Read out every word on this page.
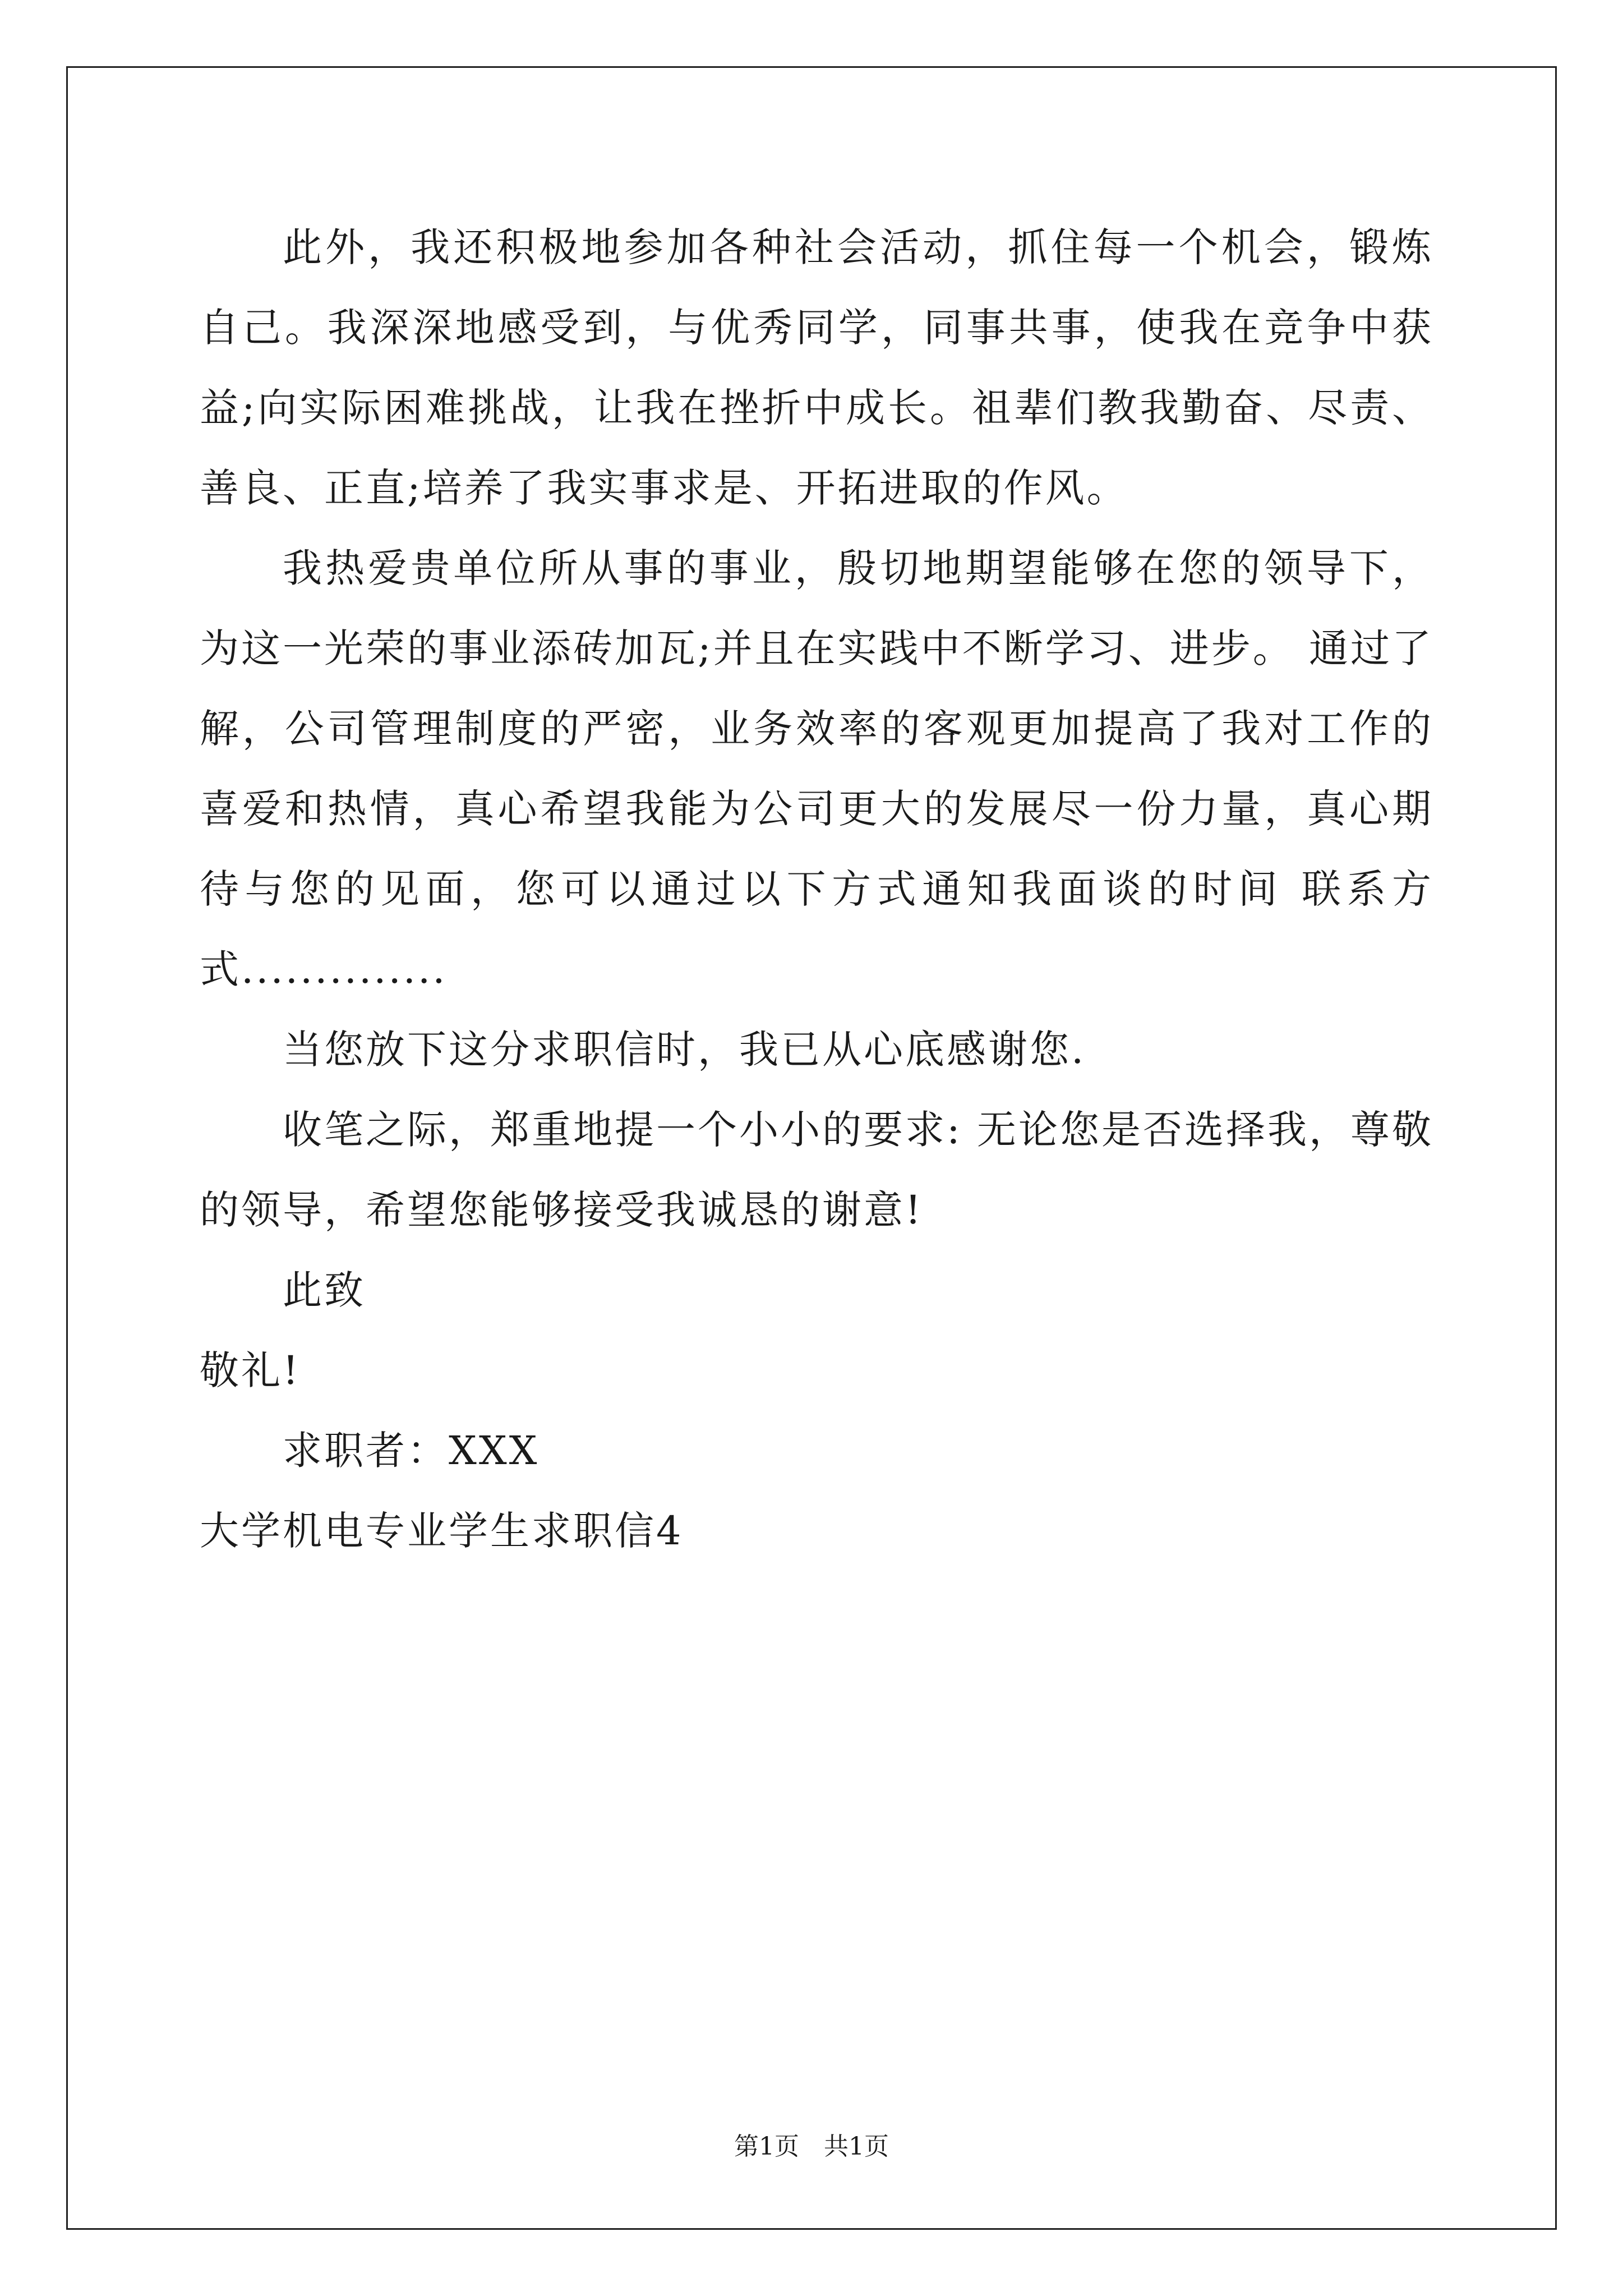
此外，我还积极地参加各种社会活动，抓住每一个机会，锻炼自己。我深深地感受到，与优秀同学，同事共事，使我在竞争中获益;向实际困难挑战，让我在挫折中成长。祖辈们教我勤奋、尽责、善良、正直;培养了我实事求是、开拓进取的作风。

我热爱贵单位所从事的事业，殷切地期望能够在您的领导下，为这一光荣的事业添砖加瓦;并且在实践中不断学习、进步。 通过了解，公司管理制度的严密，业务效率的客观更加提高了我对工作的喜爱和热情，真心希望我能为公司更大的发展尽一份力量，真心期待与您的见面，您可以通过以下方式通知我面谈的时间 联系方式..............

当您放下这分求职信时，我已从心底感谢您.

收笔之际，郑重地提一个小小的要求: 无论您是否选择我，尊敬的领导，希望您能够接受我诚恳的谢意!

此致

敬礼!

求职者：XXX

大学机电专业学生求职信4

第1页　共1页
